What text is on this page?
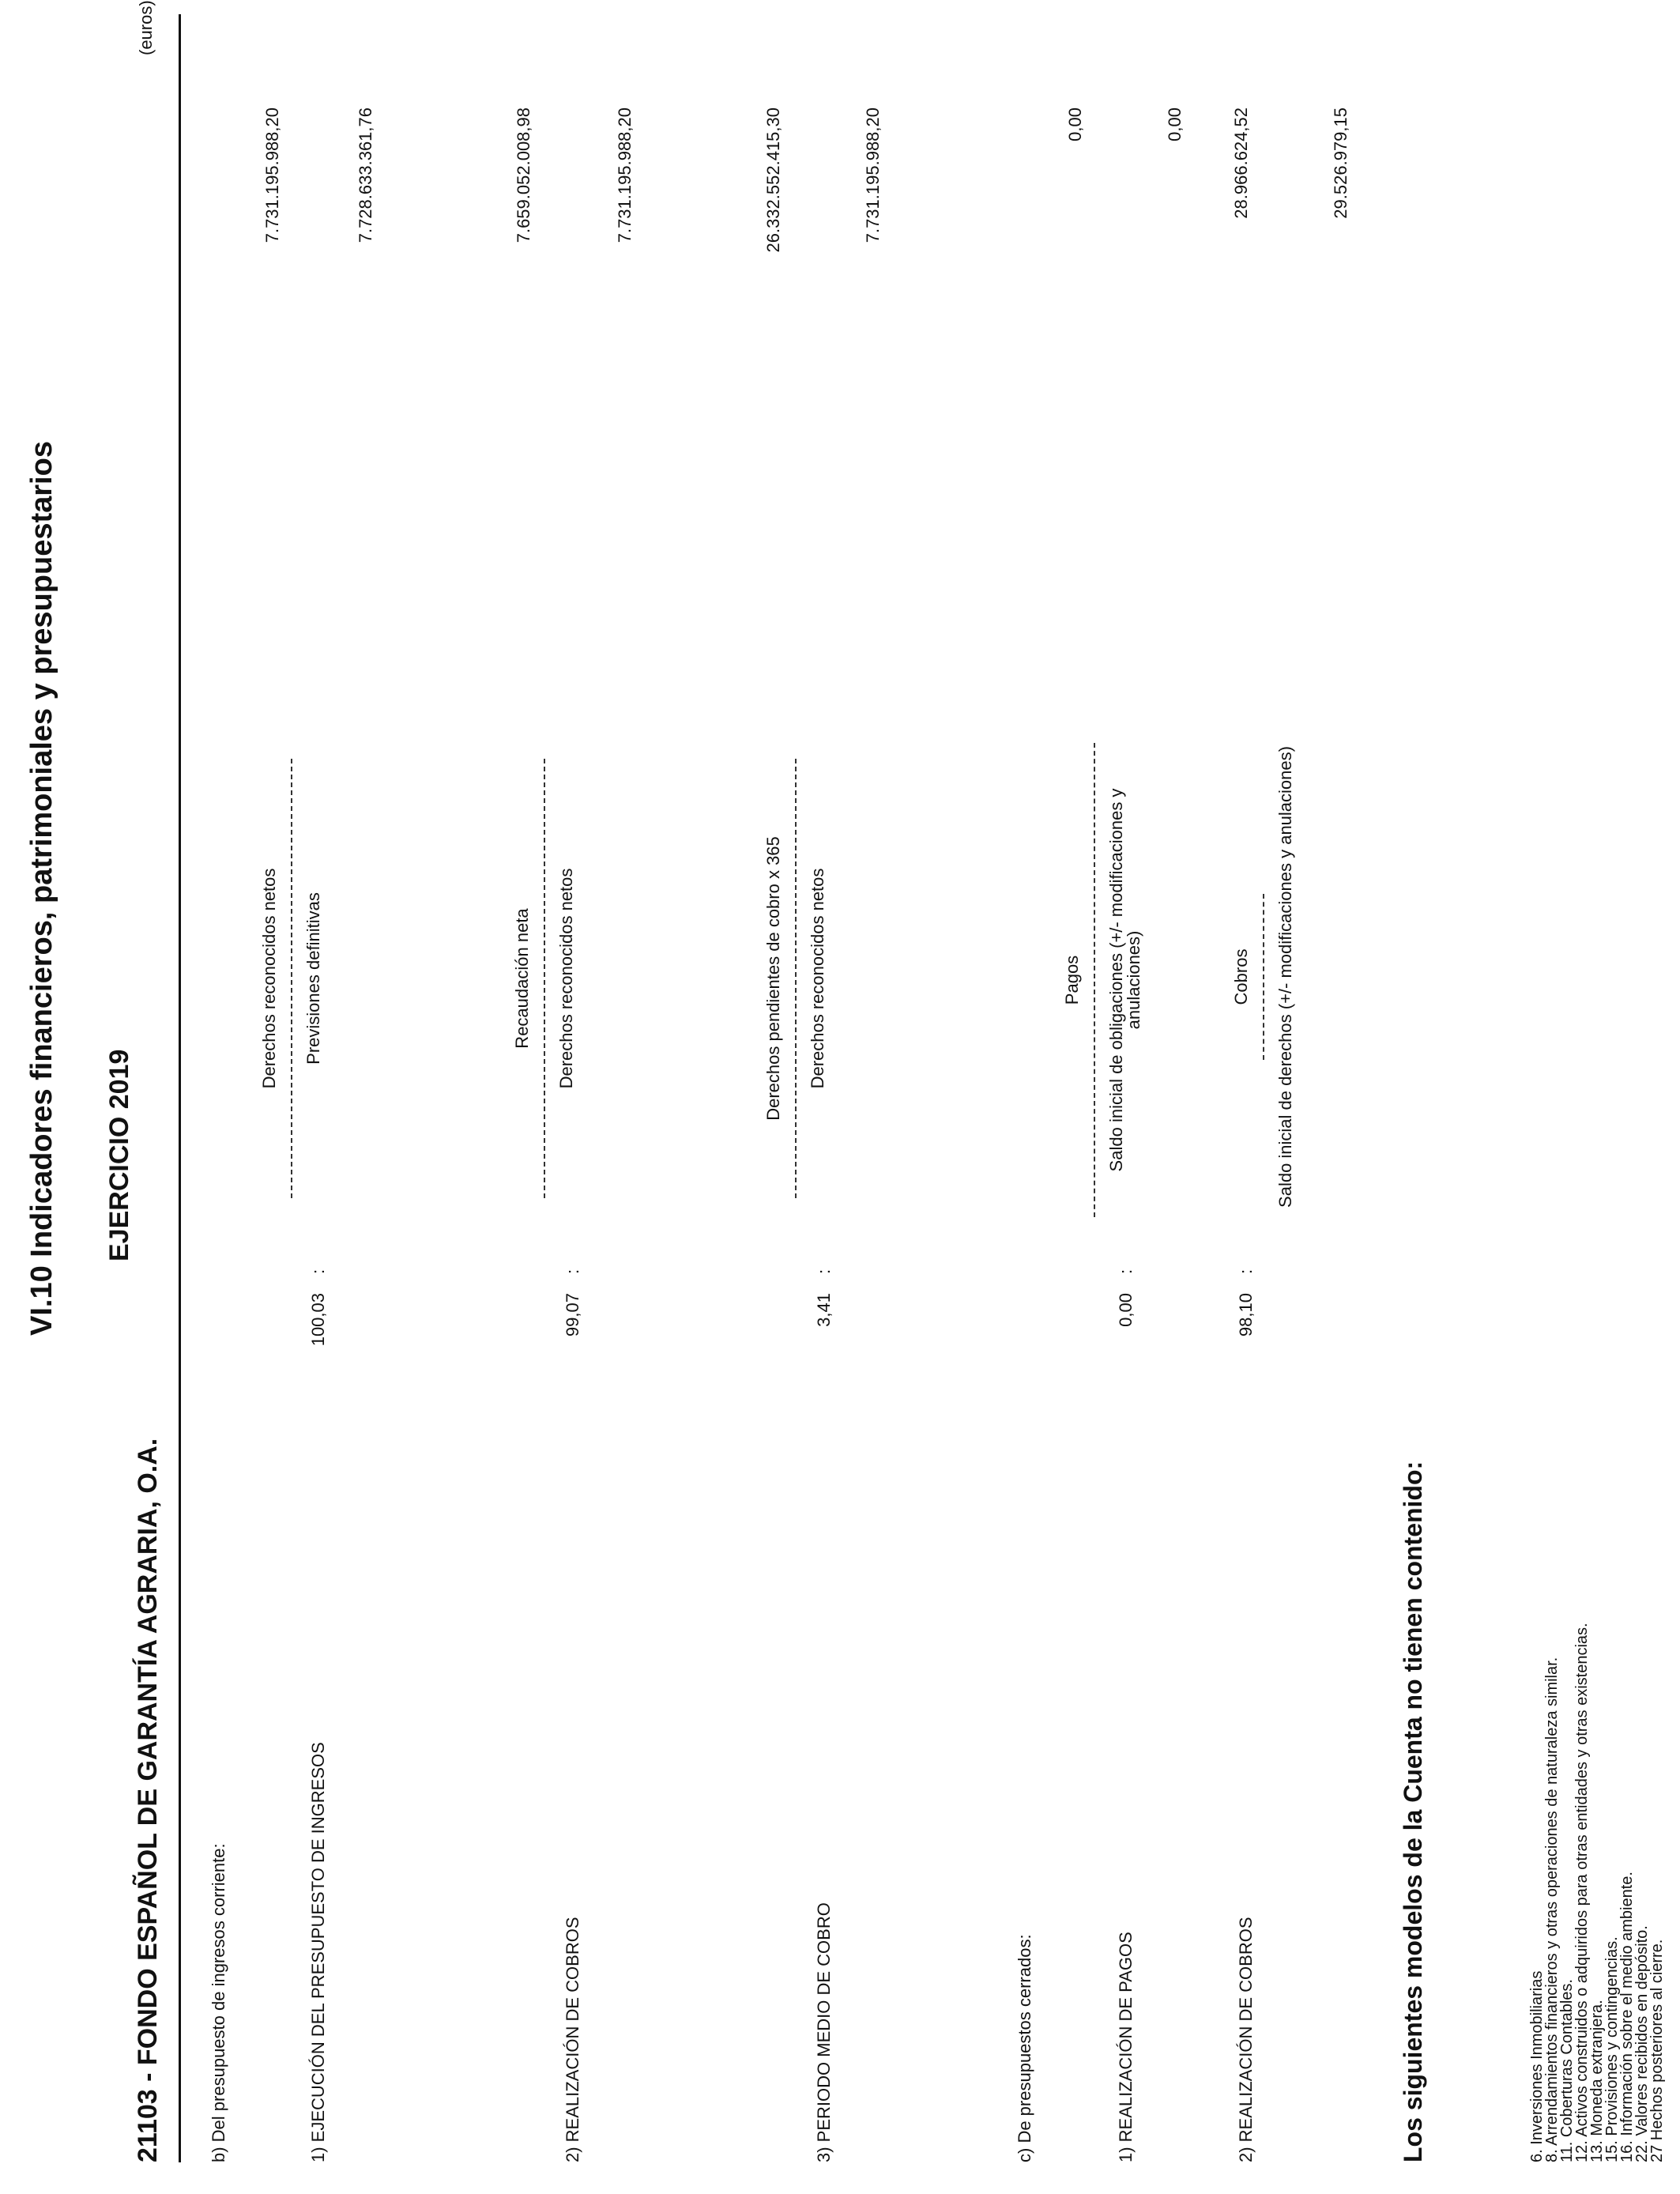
VI.10 Indicadores financieros, patrimoniales y presupuestarios
21103 - FONDO ESPAÑOL DE GARANTÍA AGRARIA, O.A.
EJERCICIO 2019
(euros)
b) Del presupuesto de ingresos corriente:	1) EJECUCIÓN DEL PRESUPUESTO DE INGRESOS
100,03
:
Derechos reconocidos netos	Previsiones definitivas
7.731.195.988,20	7.728.633.361,76
2) REALIZACIÓN DE COBROS
99,07
:
Recaudación neta	Derechos reconocidos netos
7.659.052.008,98	7.731.195.988,20
3) PERIODO MEDIO DE COBRO
3,41
:
Derechos pendientes de cobro x 365	Derechos reconocidos netos
26.332.552.415,30	7.731.195.988,20
c) De presupuestos cerrados:	1) REALIZACIÓN DE PAGOS
0,00
:
Pagos	Saldo inicial de obligaciones (+/- modificaciones y anulaciones)
0,00	0,00
2) REALIZACIÓN DE COBROS
98,10
:
Cobros	Saldo inicial de derechos (+/- modificaciones y anulaciones)
28.966.624,52	29.526.979,15
Los siguientes modelos de la Cuenta no tienen contenido:	6. Inversiones Inmobiliarias
8. Arrendamientos financieros y otras operaciones de naturaleza similar.
11. Coberturas Contables.
12. Activos construidos o adquiridos para otras entidades y otras existencias.
13. Moneda extranjera.
15. Provisiones y contingencias.
16. Información sobre el medio ambiente.
22. Valores recibidos en depósito.
27 Hechos posteriores al cierre.
